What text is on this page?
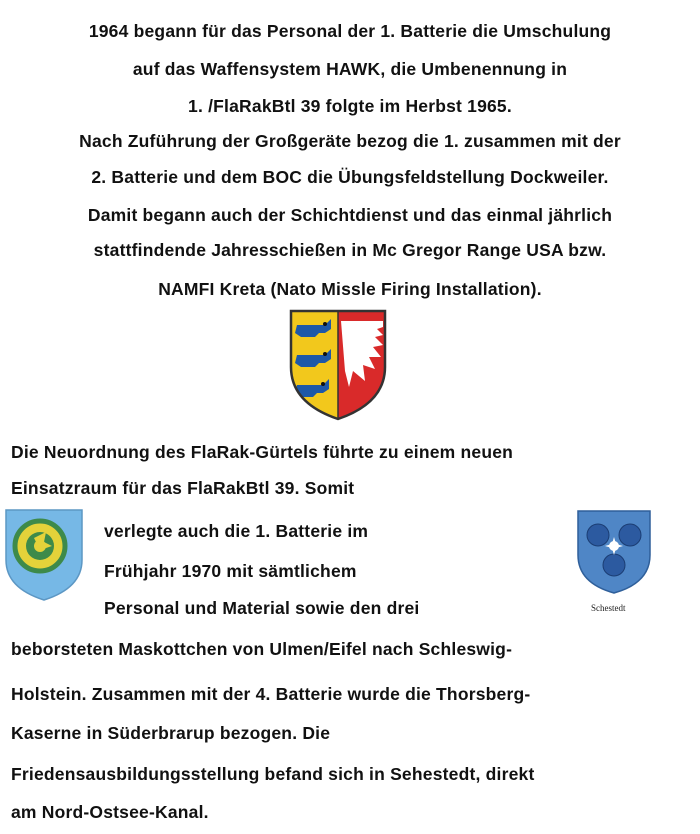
1964 begann für das Personal der 1. Batterie die Umschulung
auf das Waffensystem HAWK, die Umbenennung in
1. /FlaRakBtl 39 folgte im Herbst 1965.
Nach Zuführung der Großgeräte bezog die 1. zusammen mit der
2. Batterie und dem BOC die Übungsfeldstellung Dockweiler.
Damit begann auch der Schichtdienst und das einmal jährlich
stattfindende Jahresschießen in Mc Gregor Range USA bzw.
NAMFI Kreta (Nato Missle Firing Installation).
Die Neuordnung des FlaRak-Gürtels führte zu einem neuen
Einsatzraum für das FlaRakBtl 39. Somit
verlegte auch die 1. Batterie im
Frühjahr 1970 mit sämtlichem
Personal und Material sowie den drei	Schestedt
beborsteten Maskottchen von Ulmen/Eifel nach Schleswig-
Holstein. Zusammen mit der 4. Batterie wurde die Thorsberg-
Kaserne in Süderbrarup bezogen. Die
Friedensausbildungsstellung befand sich in Sehestedt, direkt
am Nord-Ostsee-Kanal.
